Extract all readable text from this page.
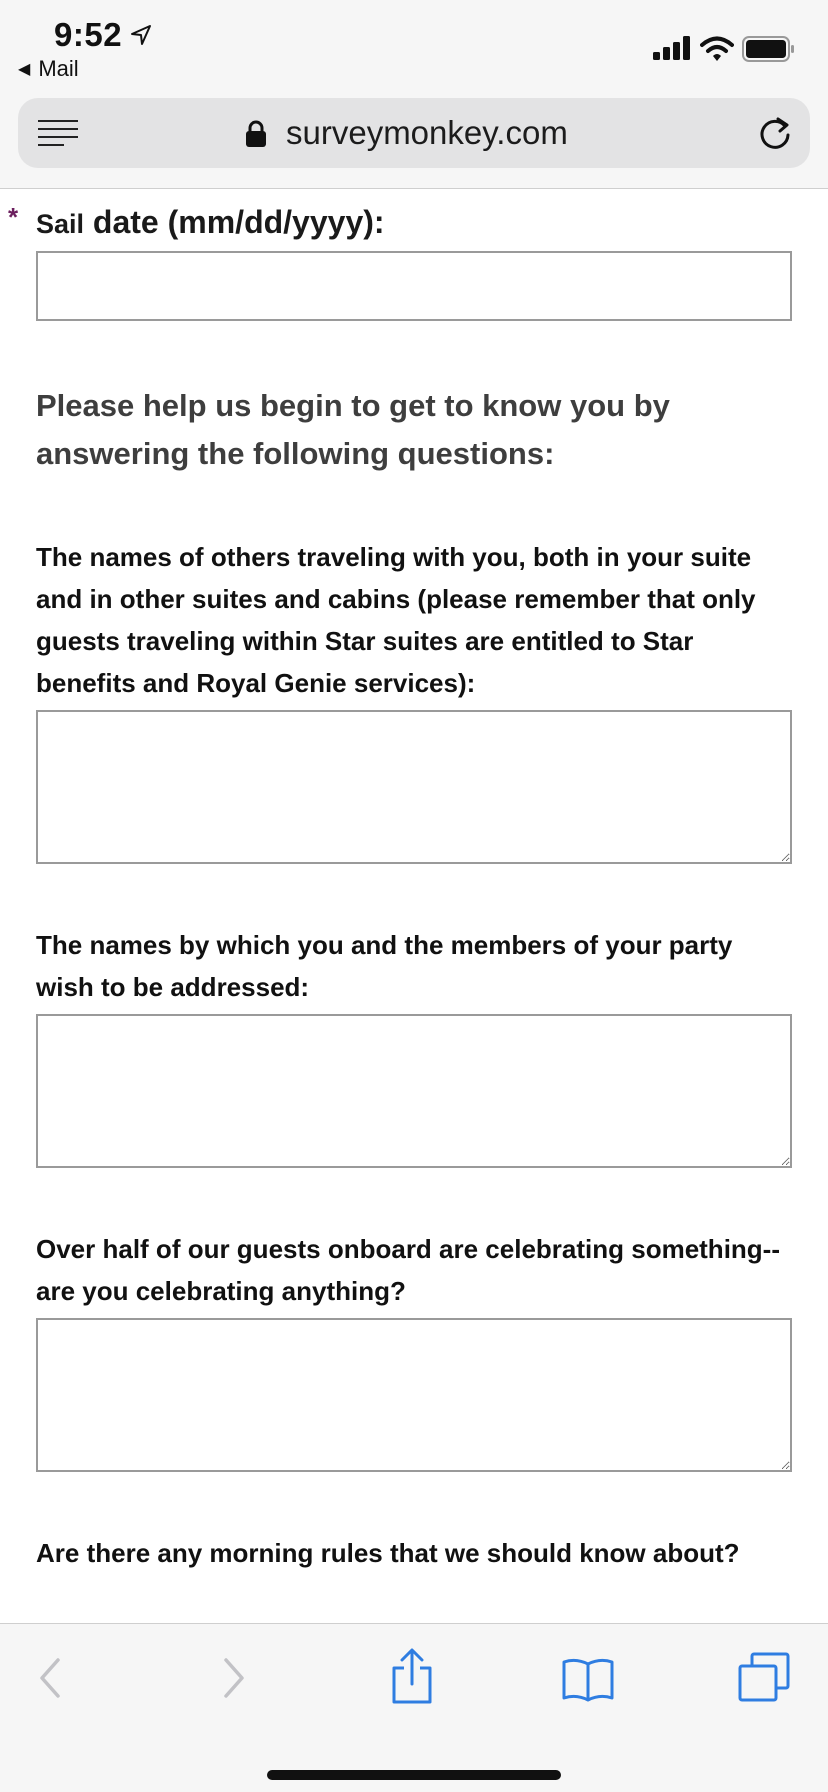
9:52
◀ Mail
surveymonkey.com
* Sail date (mm/dd/yyyy):
Please help us begin to get to know you by answering the following questions:
The names of others traveling with you, both in your suite and in other suites and cabins (please remember that only guests traveling within Star suites are entitled to Star benefits and Royal Genie services):
The names by which you and the members of your party wish to be addressed:
Over half of our guests onboard are celebrating something--are you celebrating anything?
Are there any morning rules that we should know about?
